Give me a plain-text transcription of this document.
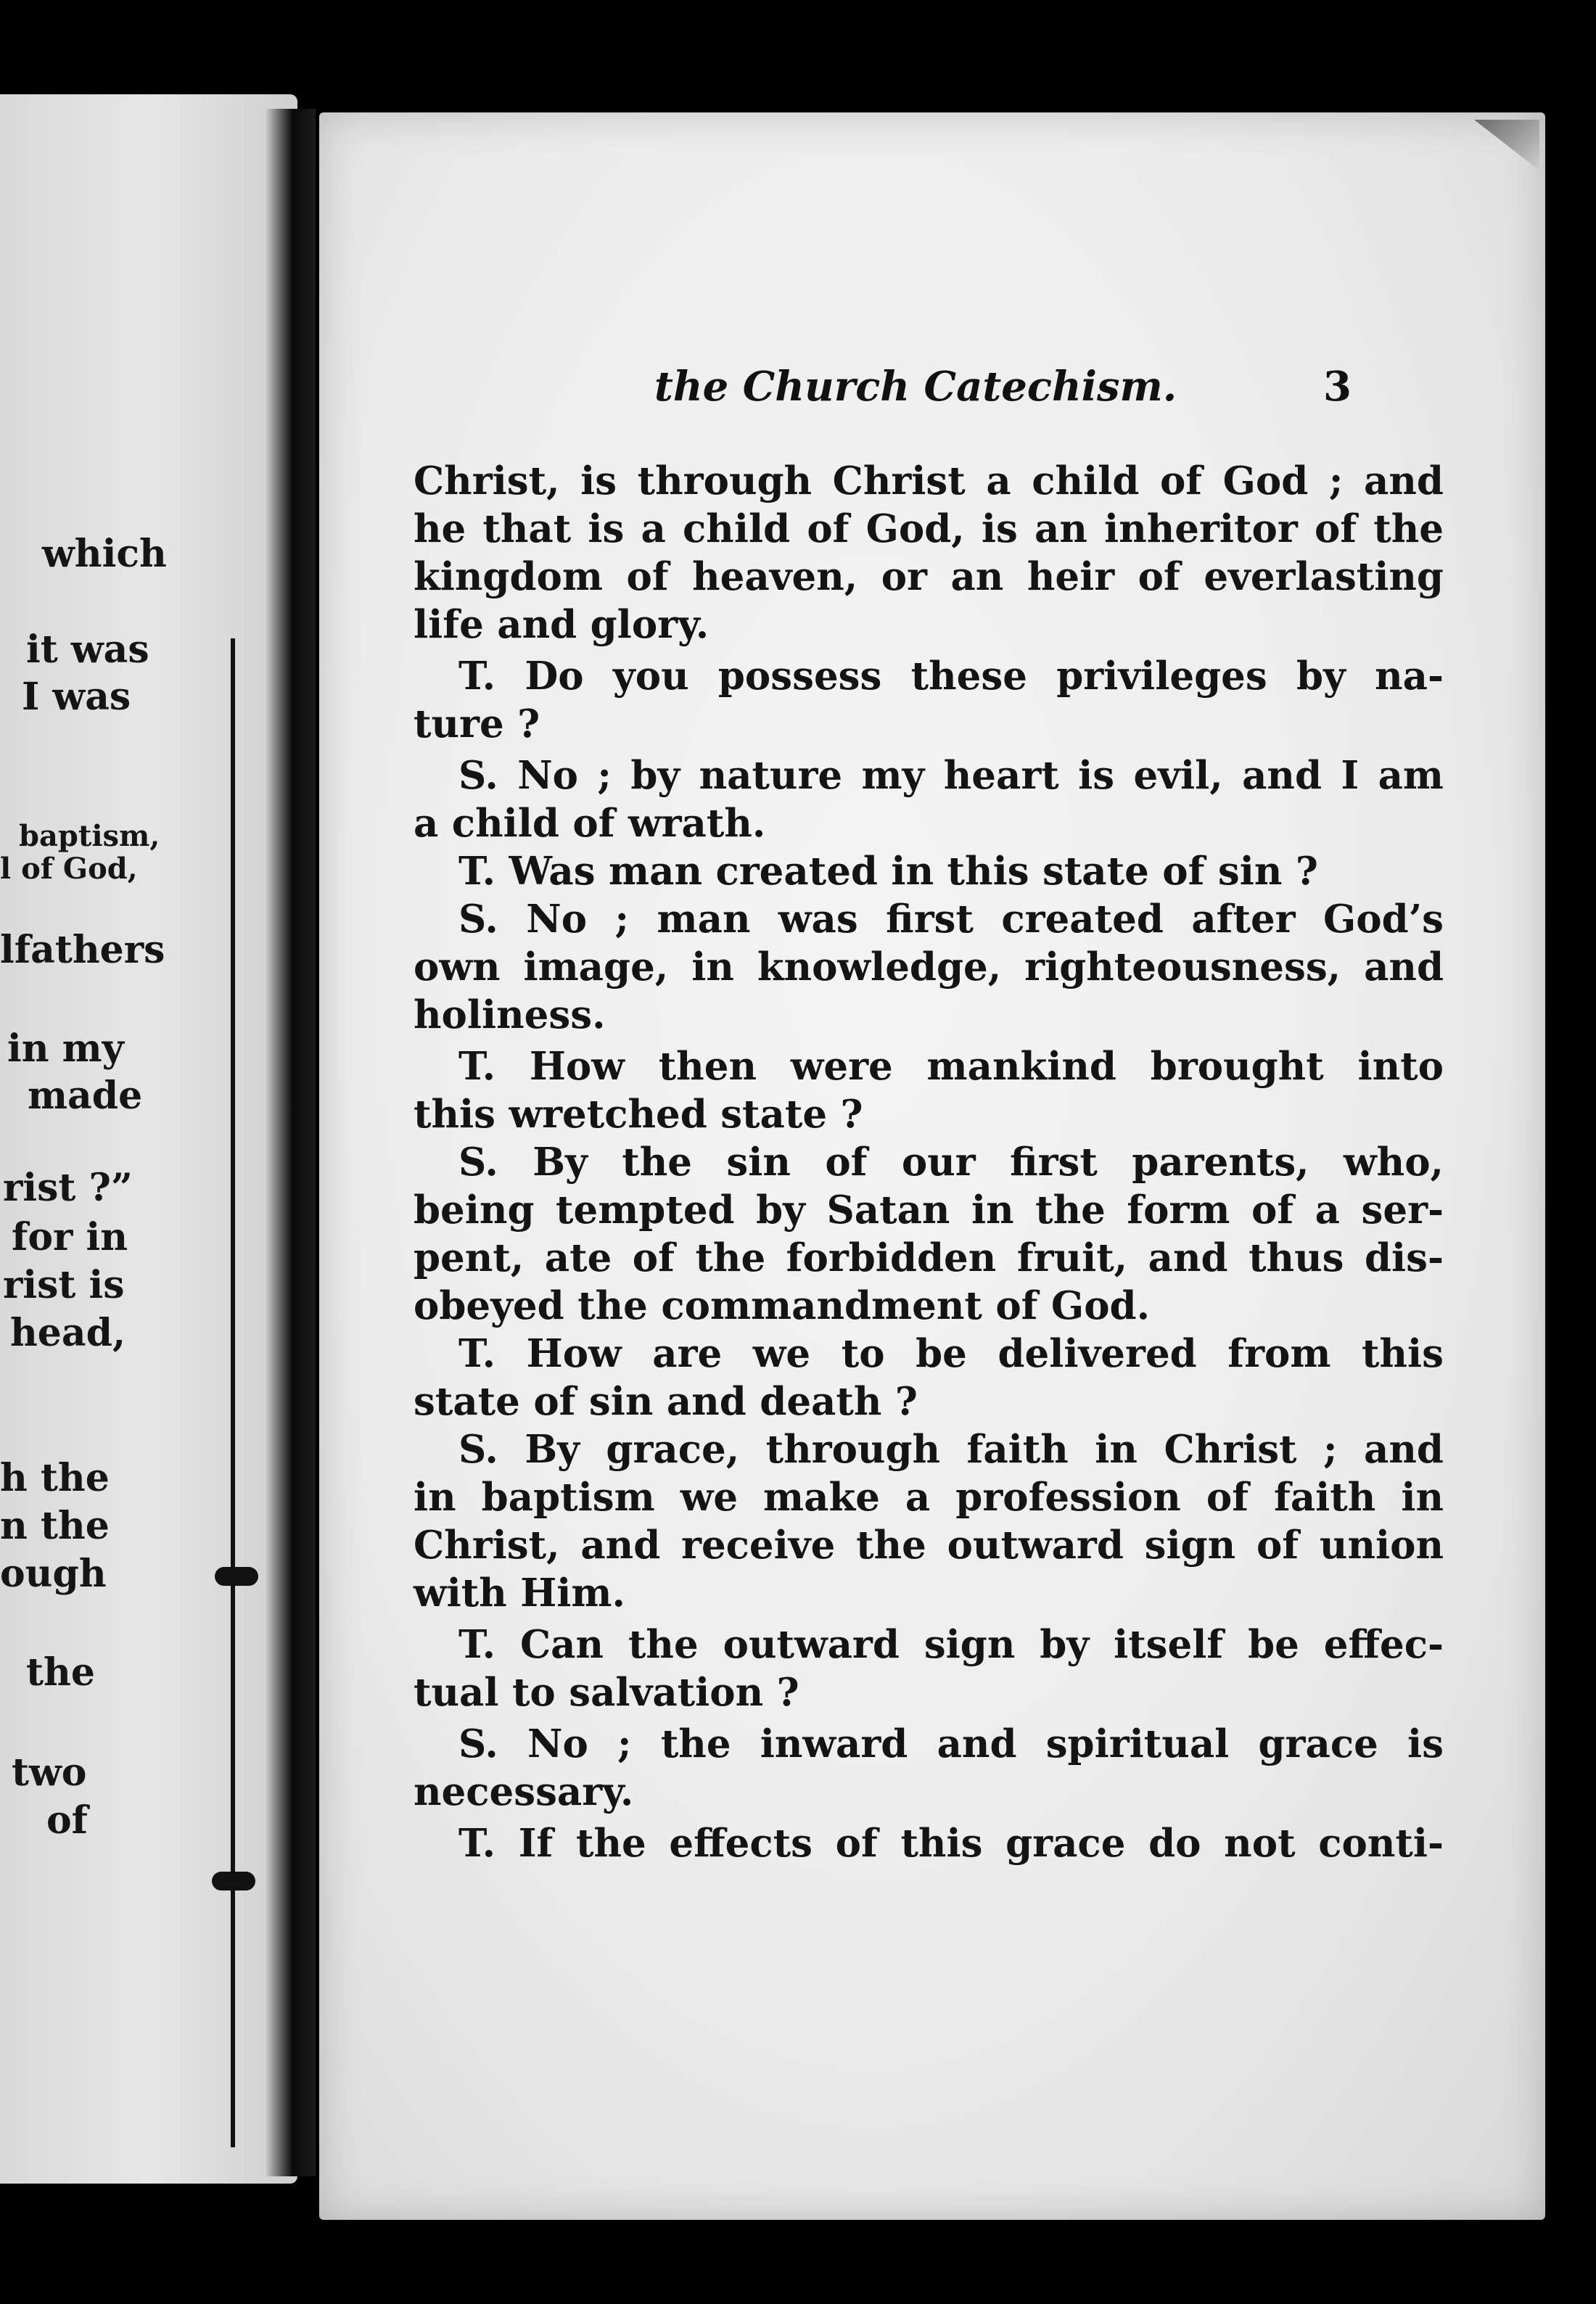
which
it was
I was
baptism,
l of God,
lfathers
in my
made
rist ?”
for in
rist is
head,
h the
n the
ough
the
two
of
the Church Catechism.	3
Christ, is through Christ a child of God ; and
he that is a child of God, is an inheritor of the
kingdom of heaven, or an heir of everlasting
life and glory.
T. Do you possess these privileges by na-
ture ?
S. No ; by nature my heart is evil, and I am
a child of wrath.
T. Was man created in this state of sin ?
S. No ; man was first created after God’s
own image, in knowledge, righteousness, and
holiness.
T. How then were mankind brought into
this wretched state ?
S. By the sin of our first parents, who,
being tempted by Satan in the form of a ser-
pent, ate of the forbidden fruit, and thus dis-
obeyed the commandment of God.
T. How are we to be delivered from this
state of sin and death ?
S. By grace, through faith in Christ ; and
in baptism we make a profession of faith in
Christ, and receive the outward sign of union
with Him.
T. Can the outward sign by itself be effec-
tual to salvation ?
S. No ; the inward and spiritual grace is
necessary.
T. If the effects of this grace do not conti-
